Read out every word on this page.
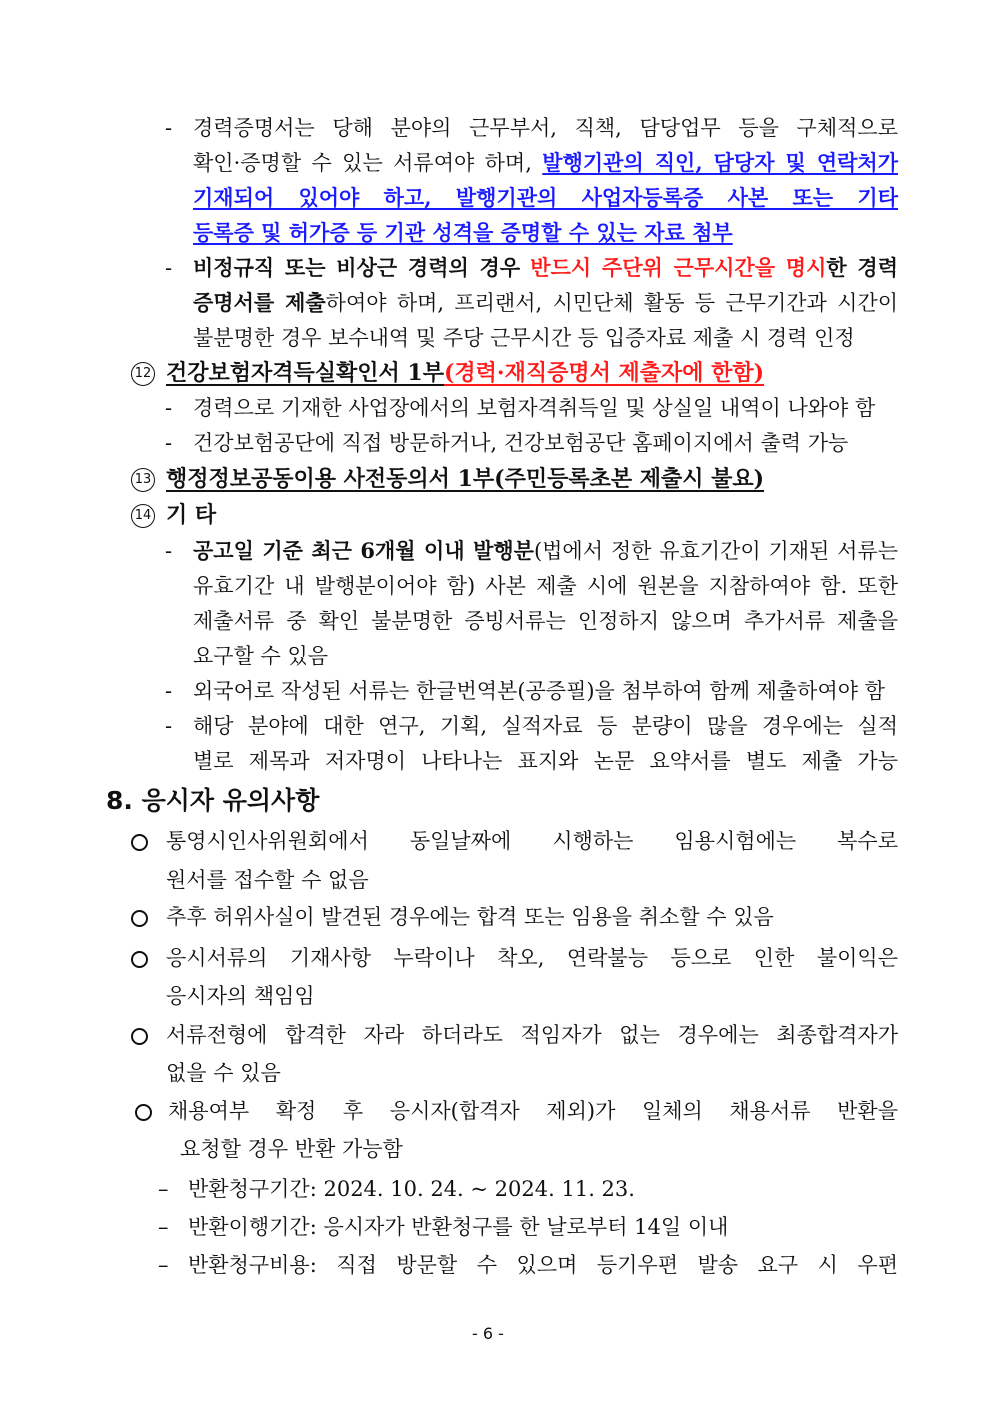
- 경력증명서는 당해 분야의 근무부서, 직책, 담당업무 등을 구체적으로
확인·증명할 수 있는 서류여야 하며, 발행기관의 직인, 담당자 및 연락처가
기재되어 있어야 하고, 발행기관의 사업자등록증 사본 또는 기타
등록증 및 허가증 등 기관 성격을 증명할 수 있는 자료 첨부
- 비정규직 또는 비상근 경력의 경우 반드시 주단위 근무시간을 명시한 경력
증명서를 제출하여야 하며, 프리랜서, 시민단체 활동 등 근무기간과 시간이
불분명한 경우 보수내역 및 주당 근무시간 등 입증자료 제출 시 경력 인정
12 건강보험자격득실확인서 1부(경력·재직증명서 제출자에 한함)
- 경력으로 기재한 사업장에서의 보험자격취득일 및 상실일 내역이 나와야 함
- 건강보험공단에 직접 방문하거나, 건강보험공단 홈페이지에서 출력 가능
13 행정정보공동이용 사전동의서 1부(주민등록초본 제출시 불요)
14 기 타
- 공고일 기준 최근 6개월 이내 발행분(법에서 정한 유효기간이 기재된 서류는
유효기간 내 발행분이어야 함) 사본 제출 시에 원본을 지참하여야 함. 또한
제출서류 중 확인 불분명한 증빙서류는 인정하지 않으며 추가서류 제출을
요구할 수 있음
- 외국어로 작성된 서류는 한글번역본(공증필)을 첨부하여 함께 제출하여야 함
- 해당 분야에 대한 연구, 기획, 실적자료 등 분량이 많을 경우에는 실적
별로 제목과 저자명이 나타나는 표지와 논문 요약서를 별도 제출 가능
8. 응시자 유의사항
통영시인사위원회에서 동일날짜에 시행하는 임용시험에는 복수로
원서를 접수할 수 없음
추후 허위사실이 발견된 경우에는 합격 또는 임용을 취소할 수 있음
응시서류의 기재사항 누락이나 착오, 연락불능 등으로 인한 불이익은
응시자의 책임임
서류전형에 합격한 자라 하더라도 적임자가 없는 경우에는 최종합격자가
없을 수 있음
채용여부 확정 후 응시자(합격자 제외)가 일체의 채용서류 반환을
요청할 경우 반환 가능함
– 반환청구기간: 2024. 10. 24. ~ 2024. 11. 23.
– 반환이행기간: 응시자가 반환청구를 한 날로부터 14일 이내
– 반환청구비용: 직접 방문할 수 있으며 등기우편 발송 요구 시 우편
- 6 -
